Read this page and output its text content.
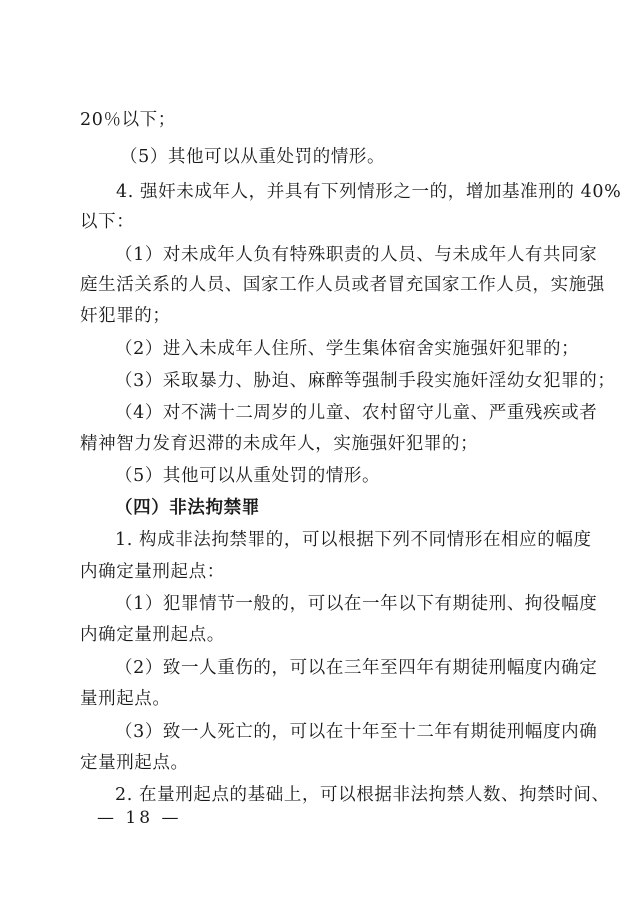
20％以下；
（5）其他可以从重处罚的情形。
4. 强奸未成年人，并具有下列情形之一的，增加基准刑的 40%
以下：
（1）对未成年人负有特殊职责的人员、与未成年人有共同家
庭生活关系的人员、国家工作人员或者冒充国家工作人员，实施强
奸犯罪的；
（2）进入未成年人住所、学生集体宿舍实施强奸犯罪的；
（3）采取暴力、胁迫、麻醉等强制手段实施奸淫幼女犯罪的；
（4）对不满十二周岁的儿童、农村留守儿童、严重残疾或者
精神智力发育迟滞的未成年人，实施强奸犯罪的；
（5）其他可以从重处罚的情形。
（四）非法拘禁罪
1. 构成非法拘禁罪的，可以根据下列不同情形在相应的幅度
内确定量刑起点：
（1）犯罪情节一般的，可以在一年以下有期徒刑、拘役幅度
内确定量刑起点。
（2）致一人重伤的，可以在三年至四年有期徒刑幅度内确定
量刑起点。
（3）致一人死亡的，可以在十年至十二年有期徒刑幅度内确
定量刑起点。
2. 在量刑起点的基础上，可以根据非法拘禁人数、拘禁时间、
— 18 —
